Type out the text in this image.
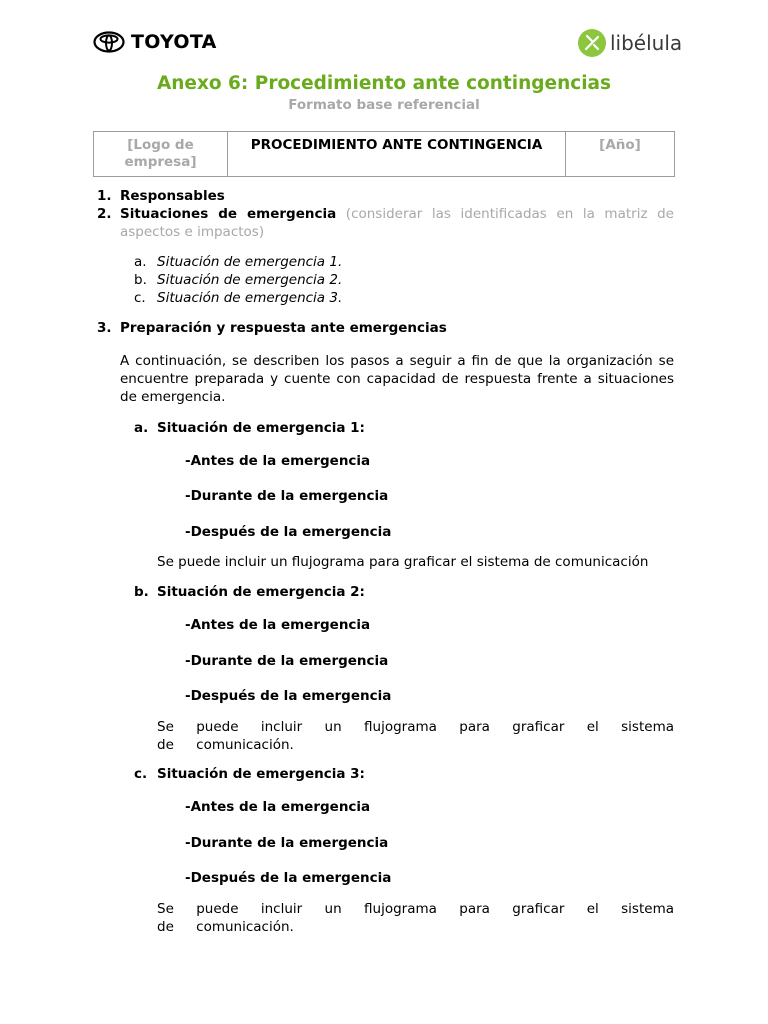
TOYOTA	libélula
Anexo 6: Procedimiento ante contingencias
Formato base referencial
[Logo de empresa]	PROCEDIMIENTO ANTE CONTINGENCIA	[Año]
1. Responsables
2. Situaciones de emergencia (considerar las identificadas en la matriz de aspectos e impactos)
a. Situación de emergencia 1.
b. Situación de emergencia 2.
c. Situación de emergencia 3.
3. Preparación y respuesta ante emergencias
A continuación, se describen los pasos a seguir a fin de que la organización se encuentre preparada y cuente con capacidad de respuesta frente a situaciones de emergencia.
a. Situación de emergencia 1:
-Antes de la emergencia
-Durante de la emergencia
-Después de la emergencia
Se puede incluir un flujograma para graficar el sistema de comunicación
b. Situación de emergencia 2:
-Antes de la emergencia
-Durante de la emergencia
-Después de la emergencia
Se puede incluir un flujograma para graficar el sistema de comunicación.
c. Situación de emergencia 3:
-Antes de la emergencia
-Durante de la emergencia
-Después de la emergencia
Se puede incluir un flujograma para graficar el sistema de comunicación.
